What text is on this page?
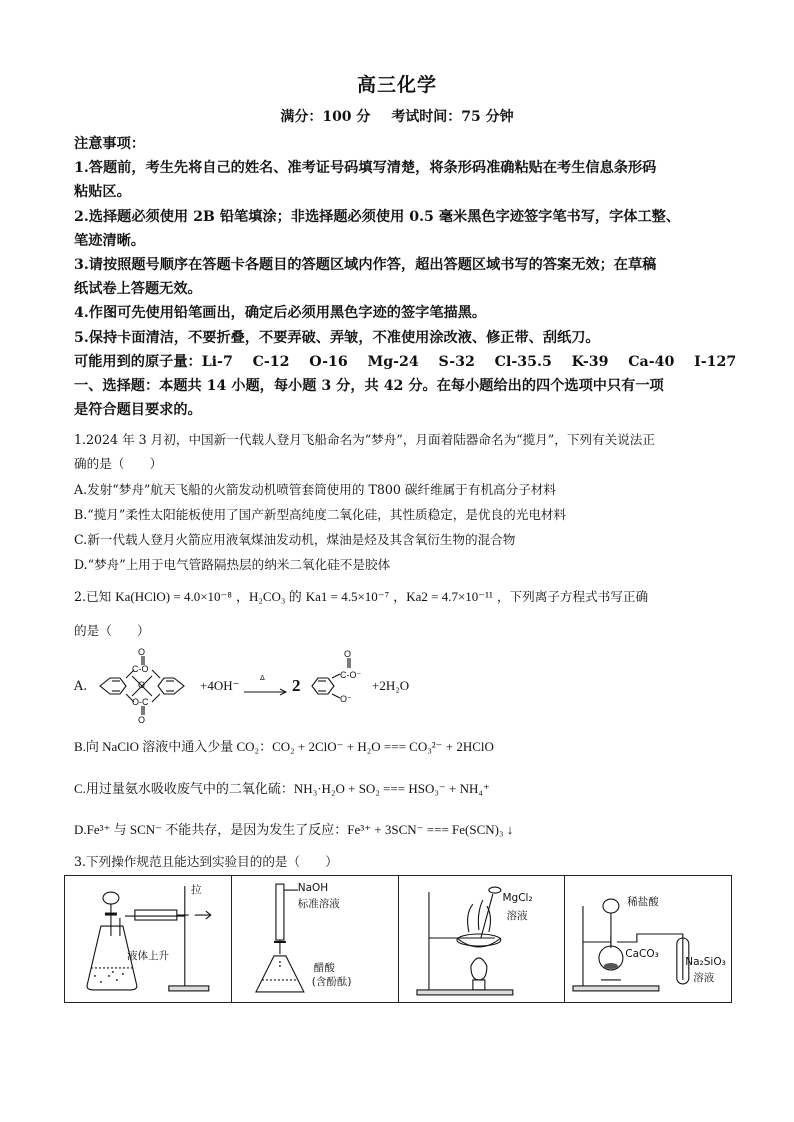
高三化学
满分：100 分 考试时间：75 分钟
注意事项：
1.答题前，考生先将自己的姓名、准考证号码填写清楚，将条形码准确粘贴在考生信息条形码
粘贴区。
2.选择题必须使用 2B 铅笔填涂；非选择题必须使用 0.5 毫米黑色字迹签字笔书写，字体工整、
笔迹清晰。
3.请按照题号顺序在答题卡各题目的答题区域内作答，超出答题区域书写的答案无效；在草稿
纸试卷上答题无效。
4.作图可先使用铅笔画出，确定后必须用黑色字迹的签字笔描黑。
5.保持卡面清洁，不要折叠，不要弄破、弄皱，不准使用涂改液、修正带、刮纸刀。
可能用到的原子量：Li-7    C-12    O-16    Mg-24    S-32    Cl-35.5    K-39    Ca-40    I-127
一、选择题：本题共 14 小题，每小题 3 分，共 42 分。在每小题给出的四个选项中只有一项
是符合题目要求的。
1.2024 年 3 月初，中国新一代载人登月飞船命名为“梦舟”，月面着陆器命名为“揽月”，下列有关说法正
确的是（　　）
A.发射“梦舟”航天飞船的火箭发动机喷管套筒使用的 T800 碳纤维属于有机高分子材料
B.“揽月”柔性太阳能板使用了国产新型高纯度二氧化硅，其性质稳定，是优良的光电材料
C.新一代载人登月火箭应用液氧煤油发动机，煤油是烃及其含氧衍生物的混合物
D.“梦舟”上用于电气管路隔热层的纳米二氧化硅不是胶体
2.已知 Ka(HClO) = 4.0×10⁻⁸ ，H₂CO₃ 的 Ka1 = 4.5×10⁻⁷ ，Ka2 = 4.7×10⁻¹¹ ，下列离子方程式书写正确
的是（　　）
A.
O
C-O
O
O-C
O
+4OH⁻ →
Δ 2
O
C-O⁻
O⁻
+2H₂O
B.向 NaClO 溶液中通入少量 CO₂：CO₂ + 2ClO⁻ + H₂O === CO₃²⁻ + 2HClO
C.用过量氨水吸收废气中的二氧化硫：NH₃·H₂O + SO₂ === HSO₃⁻ + NH₄⁺
D.Fe³⁺ 与 SCN⁻ 不能共存，是因为发生了反应：Fe³⁺ + 3SCN⁻ === Fe(SCN)₃ ↓
3.下列操作规范且能达到实验目的的是（　　）
拉
液体上升
NaOH
标准溶液
醋酸
(含酚酞)
MgCl₂
溶液
稀盐酸
CaCO₃
Na₂SiO₃
溶液
